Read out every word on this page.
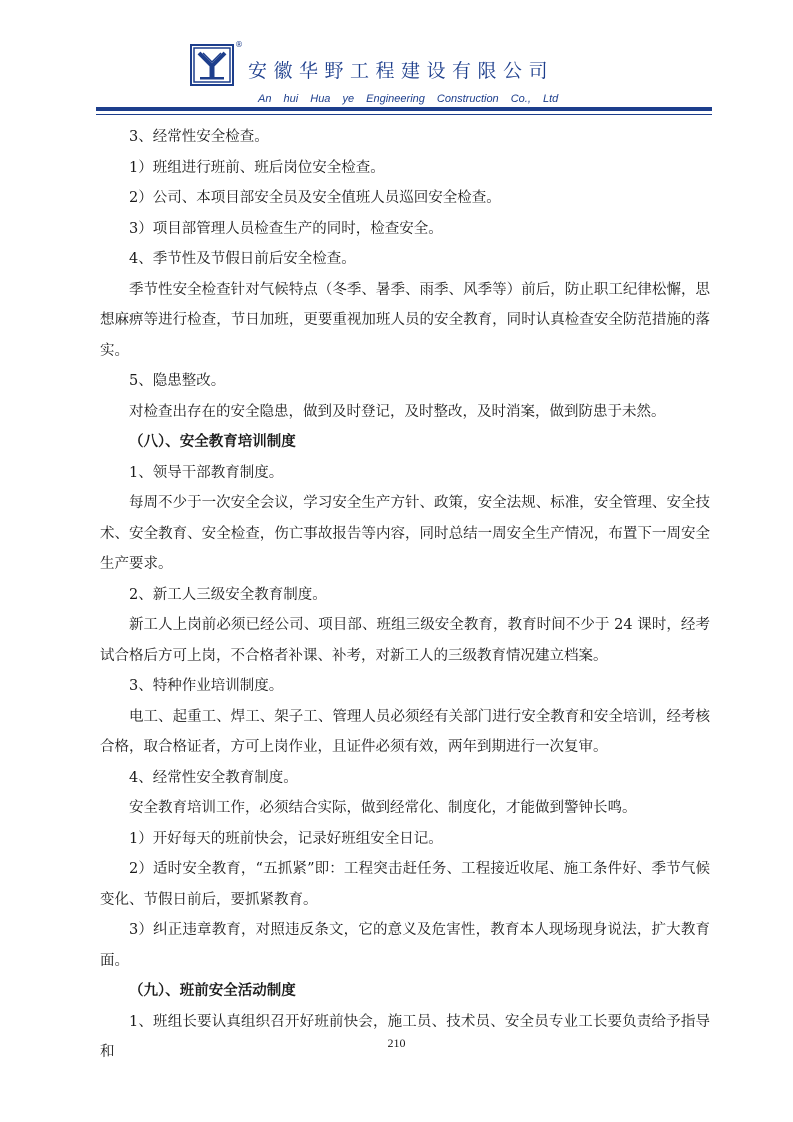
®
安徽华野工程建设有限公司
An hui Hua ye Engineering Construction Co., Ltd

3、经常性安全检查。

1）班组进行班前、班后岗位安全检查。

2）公司、本项目部安全员及安全值班人员巡回安全检查。

3）项目部管理人员检查生产的同时，检查安全。

4、季节性及节假日前后安全检查。

季节性安全检查针对气候特点（冬季、暑季、雨季、风季等）前后，防止职工纪律松懈，思想麻痹等进行检查，节日加班，更要重视加班人员的安全教育，同时认真检查安全防范措施的落实。

5、隐患整改。

对检查出存在的安全隐患，做到及时登记，及时整改，及时消案，做到防患于未然。

（八）、安全教育培训制度

1、领导干部教育制度。

每周不少于一次安全会议，学习安全生产方针、政策，安全法规、标准，安全管理、安全技术、安全教育、安全检查，伤亡事故报告等内容，同时总结一周安全生产情况，布置下一周安全生产要求。

2、新工人三级安全教育制度。

新工人上岗前必须已经公司、项目部、班组三级安全教育，教育时间不少于 24 课时，经考试合格后方可上岗，不合格者补课、补考，对新工人的三级教育情况建立档案。

3、特种作业培训制度。

电工、起重工、焊工、架子工、管理人员必须经有关部门进行安全教育和安全培训，经考核合格，取合格证者，方可上岗作业，且证件必须有效，两年到期进行一次复审。

4、经常性安全教育制度。

安全教育培训工作，必须结合实际，做到经常化、制度化，才能做到警钟长鸣。

1）开好每天的班前快会，记录好班组安全日记。

2）适时安全教育，“五抓紧”即：工程突击赶任务、工程接近收尾、施工条件好、季节气候变化、节假日前后，要抓紧教育。

3）纠正违章教育，对照违反条文，它的意义及危害性，教育本人现场现身说法，扩大教育面。

（九）、班前安全活动制度

1、班组长要认真组织召开好班前快会，施工员、技术员、安全员专业工长要负责给予指导和

210
